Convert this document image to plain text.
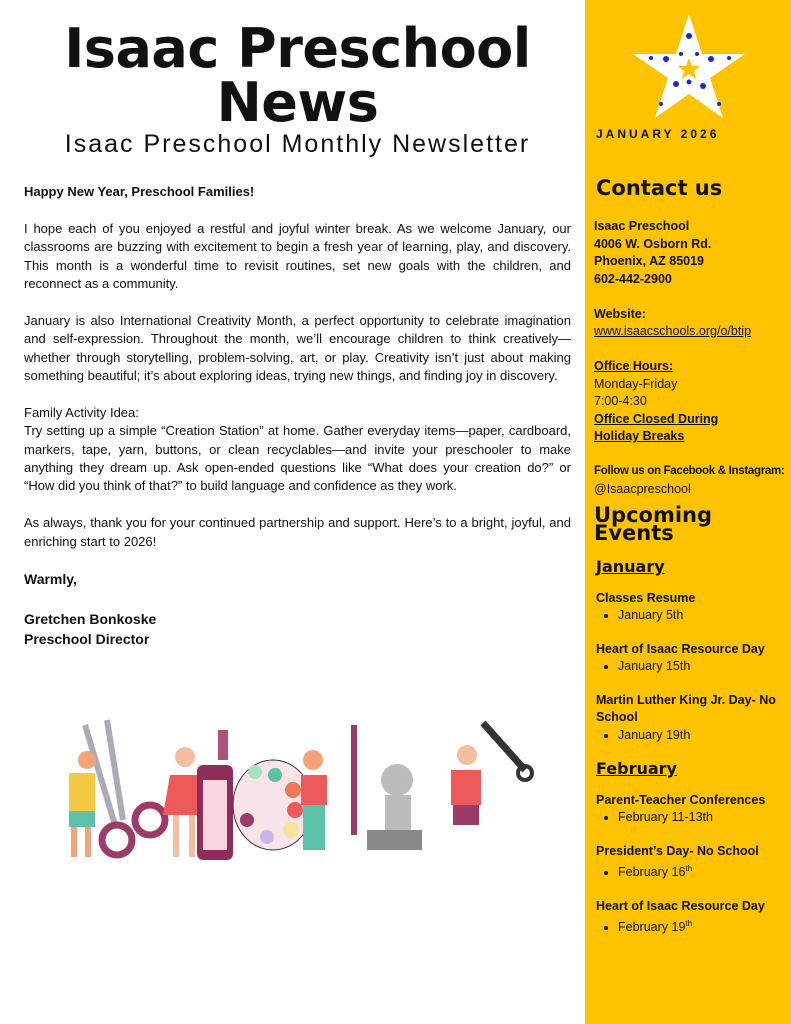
Isaac Preschool
News
Isaac Preschool Monthly Newsletter

Happy New Year, Preschool Families!

I hope each of you enjoyed a restful and joyful winter break. As we welcome January, our classrooms are buzzing with excitement to begin a fresh year of learning, play, and discovery. This month is a wonderful time to revisit routines, set new goals with the children, and reconnect as a community.

January is also International Creativity Month, a perfect opportunity to celebrate imagination and self-expression. Throughout the month, we’ll encourage children to think creatively—whether through storytelling, problem-solving, art, or play. Creativity isn’t just about making something beautiful; it’s about exploring ideas, trying new things, and finding joy in discovery.

Family Activity Idea:

Try setting up a simple “Creation Station” at home. Gather everyday items—paper, cardboard, markers, tape, yarn, buttons, or clean recyclables—and invite your preschooler to make anything they dream up. Ask open-ended questions like “What does your creation do?” or “How did you think of that?” to build language and confidence as they work.

As always, thank you for your continued partnership and support. Here’s to a bright, joyful, and enriching start to 2026!

Warmly,
Gretchen Bonkoske
Preschool Director
JANUARY 2026
Contact us
Isaac Preschool
4006 W. Osborn Rd.
Phoenix, AZ 85019
602-442-2900
Website:
www.isaacschools.org/o/btip
Office Hours:
Monday-Friday
7:00-4:30
Office Closed During
Holiday Breaks
Follow us on Facebook & Instagram:
@Isaacpreschool
Upcoming Events
January
Classes Resume
• January 5th
Heart of Isaac Resource Day
• January 15th
Martin Luther King Jr. Day- No School
• January 19th
February
Parent-Teacher Conferences
• February 11-13th
President’s Day- No School
• February 16th
Heart of Isaac Resource Day
• February 19th
